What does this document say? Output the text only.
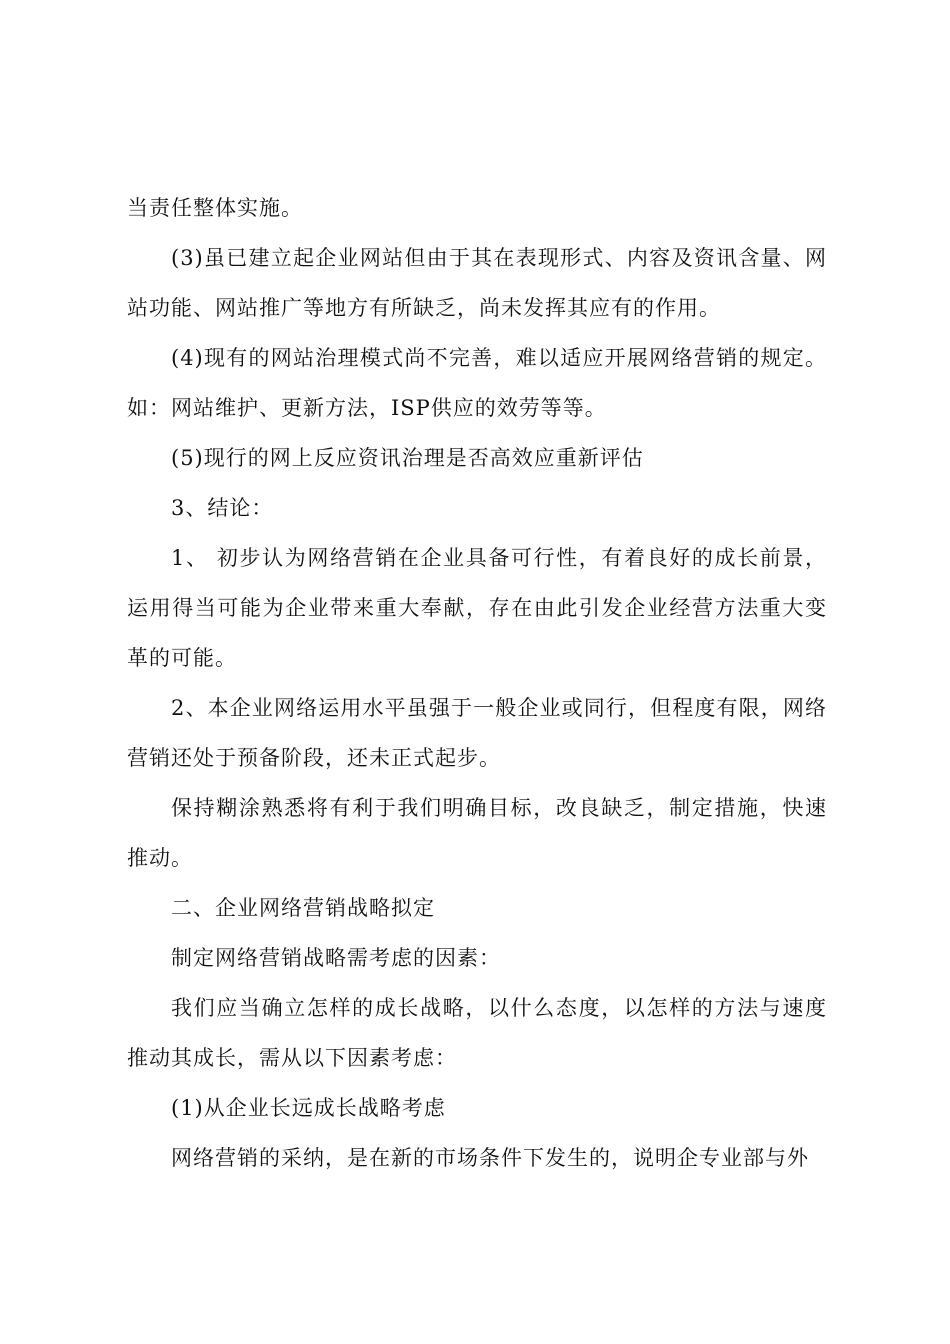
当责任整体实施。

(3)虽已建立起企业网站但由于其在表现形式、内容及资讯含量、网站功能、网站推广等地方有所缺乏，尚未发挥其应有的作用。

(4)现有的网站治理模式尚不完善，难以适应开展网络营销的规定。如：网站维护、更新方法，ISP供应的效劳等等。

(5)现行的网上反应资讯治理是否高效应重新评估

3、结论：

1、 初步认为网络营销在企业具备可行性，有着良好的成长前景，运用得当可能为企业带来重大奉献，存在由此引发企业经营方法重大变革的可能。

2、本企业网络运用水平虽强于一般企业或同行，但程度有限，网络营销还处于预备阶段，还未正式起步。

保持糊涂熟悉将有利于我们明确目标，改良缺乏，制定措施，快速推动。

二、企业网络营销战略拟定

制定网络营销战略需考虑的因素：

我们应当确立怎样的成长战略，以什么态度，以怎样的方法与速度推动其成长，需从以下因素考虑：

(1)从企业长远成长战略考虑

网络营销的采纳，是在新的市场条件下发生的，说明企专业部与外
